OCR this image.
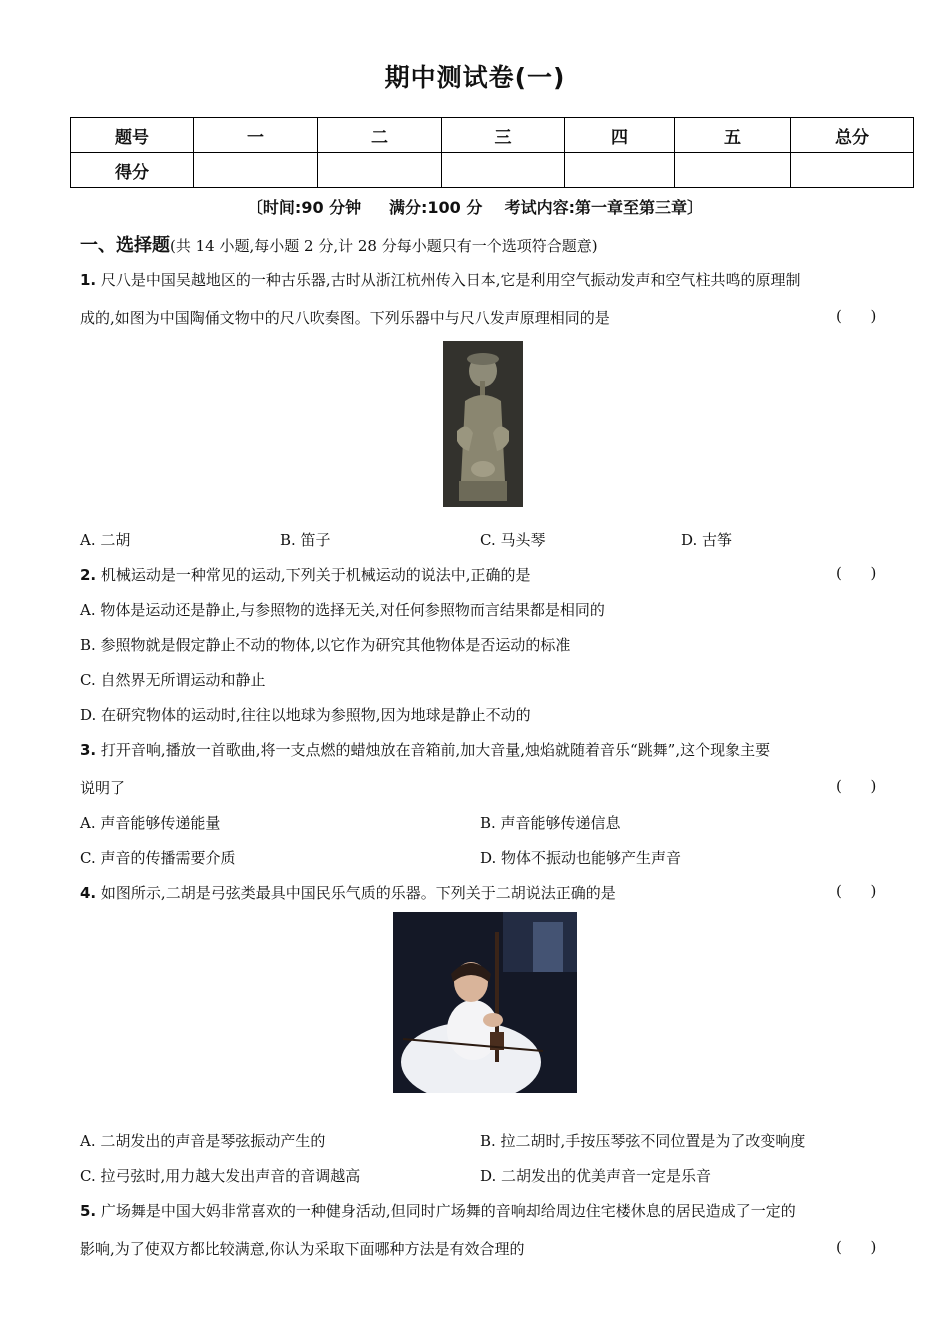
期中测试卷(一)
题号	一	二	三	四	五	总分
得分						
〔时间:90 分钟     满分:100 分    考试内容:第一章至第三章〕
一、选择题(共 14 小题,每小题 2 分,计 28 分每小题只有一个选项符合题意)
1. 尺八是中国吴越地区的一种古乐器,古时从浙江杭州传入日本,它是利用空气振动发声和空气柱共鸣的原理制
成的,如图为中国陶俑文物中的尺八吹奏图。下列乐器中与尺八发声原理相同的是	(      )
A. 二胡	B. 笛子	C. 马头琴	D. 古筝
2. 机械运动是一种常见的运动,下列关于机械运动的说法中,正确的是	(      )
A. 物体是运动还是静止,与参照物的选择无关,对任何参照物而言结果都是相同的
B. 参照物就是假定静止不动的物体,以它作为研究其他物体是否运动的标准
C. 自然界无所谓运动和静止
D. 在研究物体的运动时,往往以地球为参照物,因为地球是静止不动的
3. 打开音响,播放一首歌曲,将一支点燃的蜡烛放在音箱前,加大音量,烛焰就随着音乐“跳舞”,这个现象主要
说明了	(      )
A. 声音能够传递能量	B. 声音能够传递信息
C. 声音的传播需要介质	D. 物体不振动也能够产生声音
4. 如图所示,二胡是弓弦类最具中国民乐气质的乐器。下列关于二胡说法正确的是	(      )
A. 二胡发出的声音是琴弦振动产生的	B. 拉二胡时,手按压琴弦不同位置是为了改变响度
C. 拉弓弦时,用力越大发出声音的音调越高	D. 二胡发出的优美声音一定是乐音
5. 广场舞是中国大妈非常喜欢的一种健身活动,但同时广场舞的音响却给周边住宅楼休息的居民造成了一定的
影响,为了使双方都比较满意,你认为采取下面哪种方法是有效合理的	(      )
